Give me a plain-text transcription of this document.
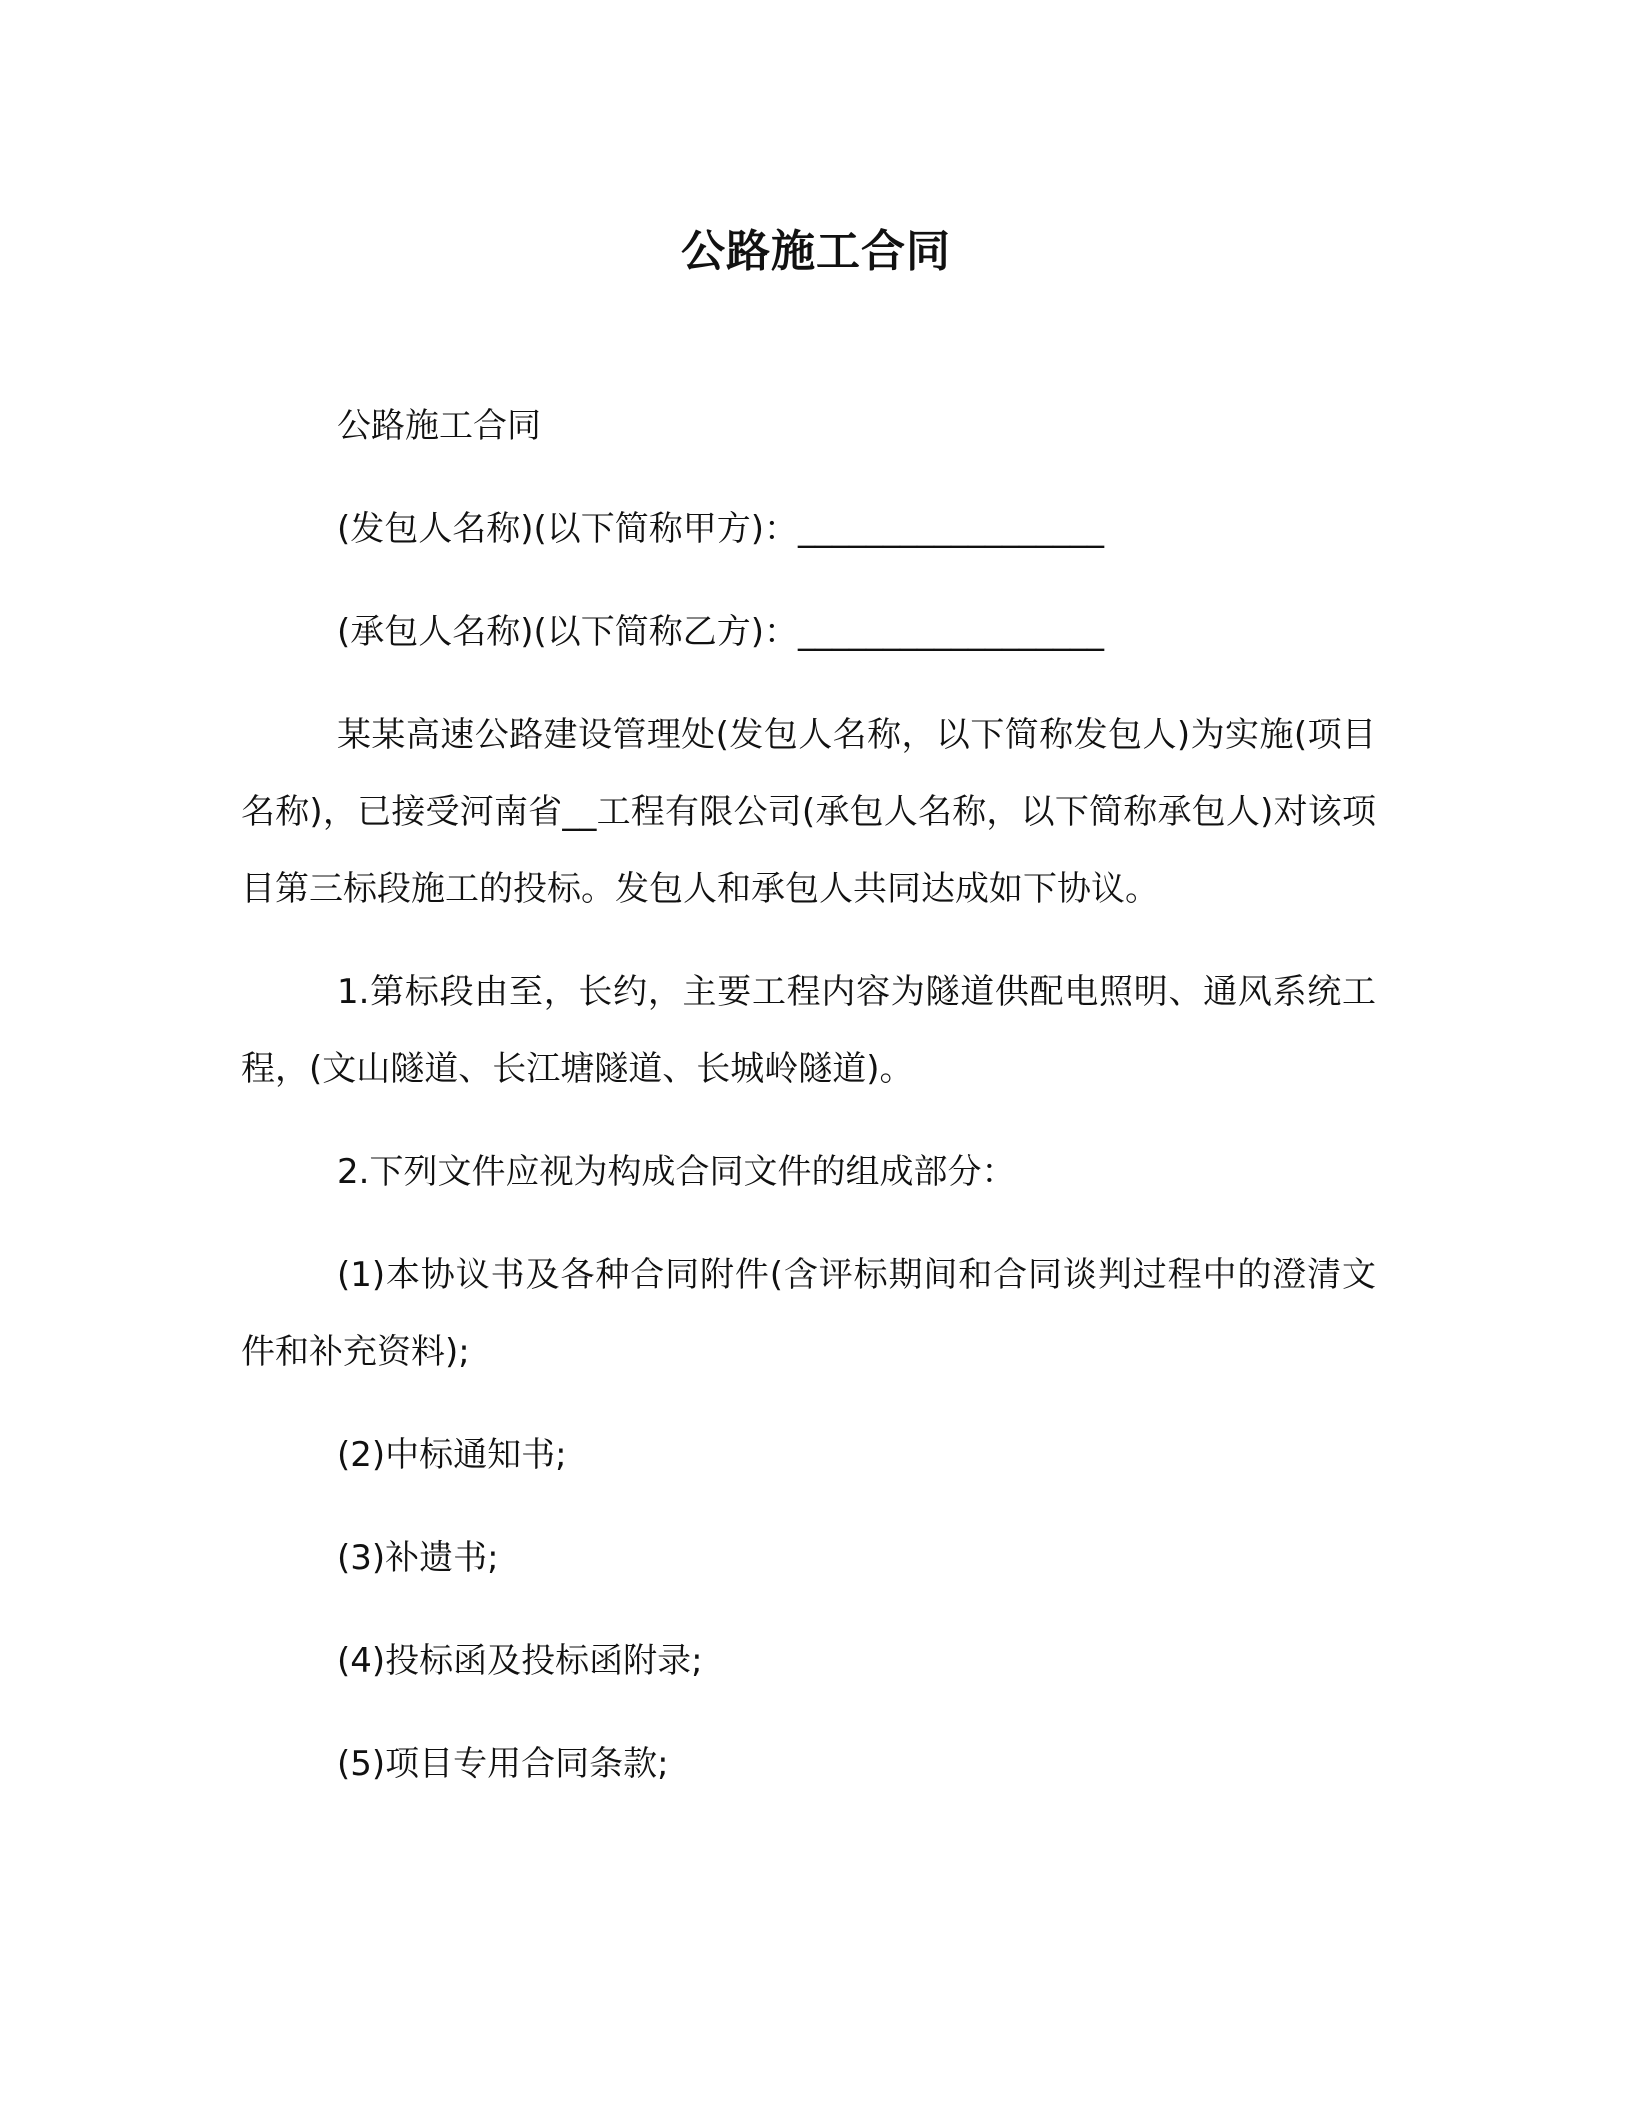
公路施工合同

公路施工合同

(发包人名称)(以下简称甲方)：__________________

(承包人名称)(以下简称乙方)：__________________

某某高速公路建设管理处(发包人名称，以下简称发包人)为实施(项目名称)，已接受河南省__工程有限公司(承包人名称，以下简称承包人)对该项目第三标段施工的投标。发包人和承包人共同达成如下协议。

1.第标段由至，长约，主要工程内容为隧道供配电照明、通风系统工程，(文山隧道、长江塘隧道、长城岭隧道)。

2.下列文件应视为构成合同文件的组成部分：

(1)本协议书及各种合同附件(含评标期间和合同谈判过程中的澄清文件和补充资料);

(2)中标通知书;

(3)补遗书;

(4)投标函及投标函附录;

(5)项目专用合同条款;
